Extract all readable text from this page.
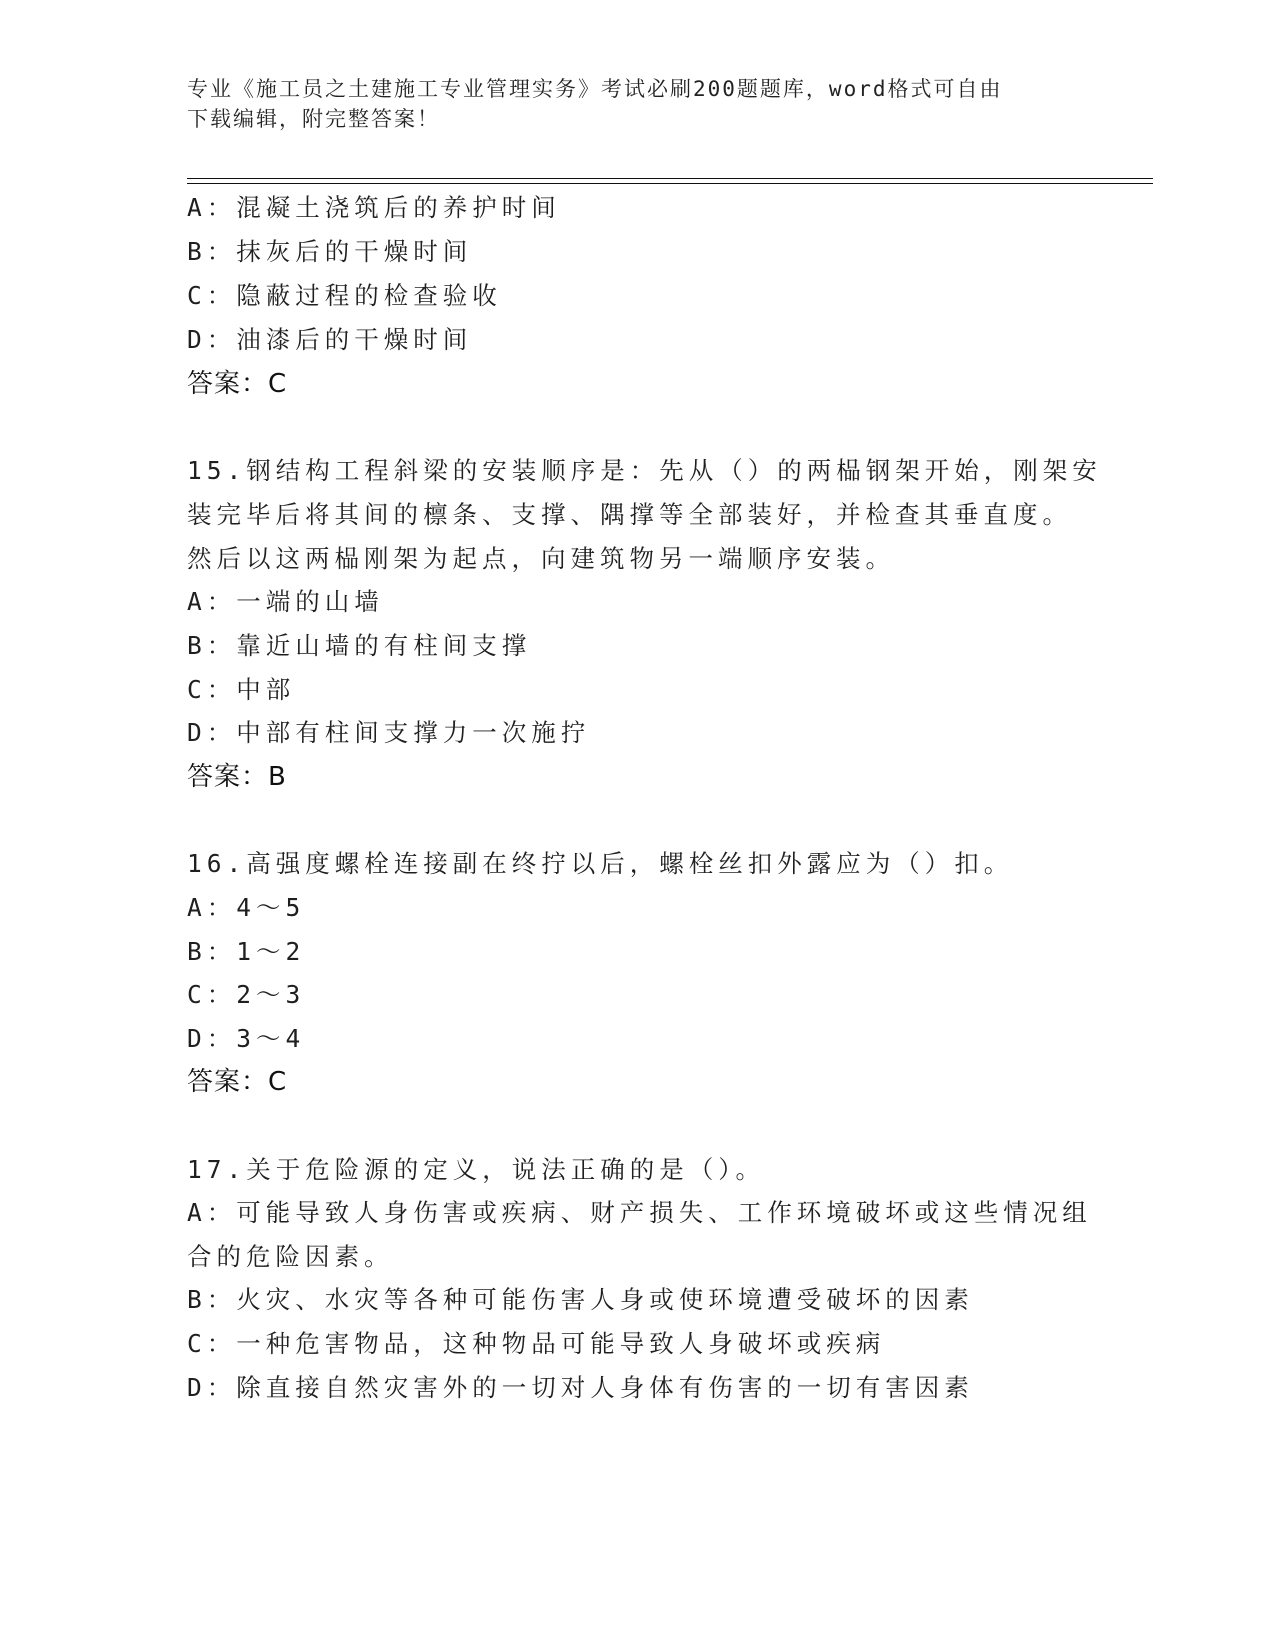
专业《施工员之土建施工专业管理实务》考试必刷200题题库，word格式可自由
下载编辑，附完整答案！
A：混凝土浇筑后的养护时间
B：抹灰后的干燥时间
C：隐蔽过程的检查验收
D：油漆后的干燥时间
答案：C
15.钢结构工程斜梁的安装顺序是：先从（）的两榀钢架开始，刚架安
装完毕后将其间的檩条、支撑、隅撑等全部装好，并检查其垂直度。
然后以这两榀刚架为起点，向建筑物另一端顺序安装。
A：一端的山墙
B：靠近山墙的有柱间支撑
C：中部
D：中部有柱间支撑力一次施拧
答案：B
16.高强度螺栓连接副在终拧以后，螺栓丝扣外露应为（）扣。
A：4～5
B：1～2
C：2～3
D：3～4
答案：C
17.关于危险源的定义，说法正确的是（）。
A：可能导致人身伤害或疾病、财产损失、工作环境破坏或这些情况组
合的危险因素。
B：火灾、水灾等各种可能伤害人身或使环境遭受破坏的因素
C：一种危害物品，这种物品可能导致人身破坏或疾病
D：除直接自然灾害外的一切对人身体有伤害的一切有害因素
